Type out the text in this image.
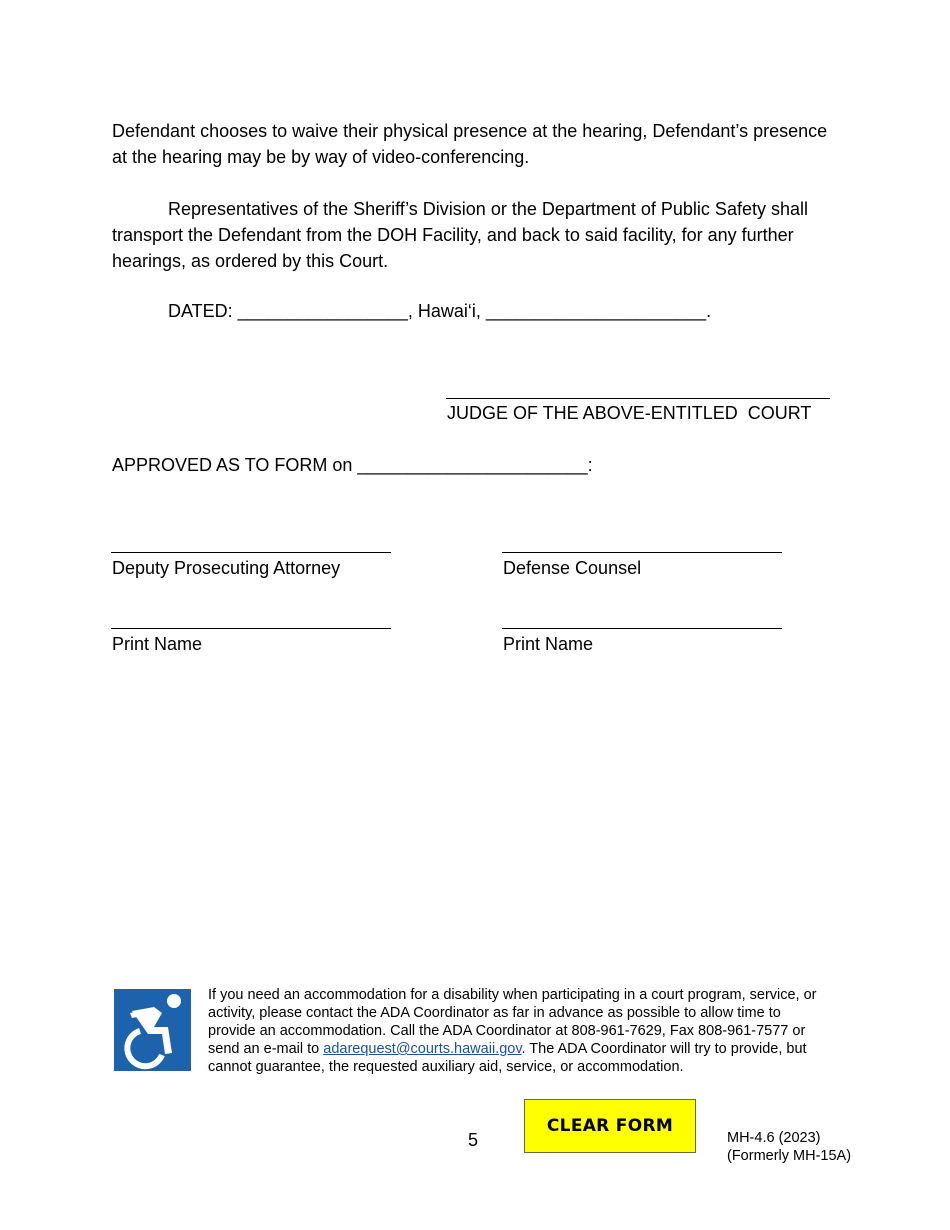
Defendant chooses to waive their physical presence at the hearing, Defendant’s presence at the hearing may be by way of video-conferencing.

Representatives of the Sheriff’s Division or the Department of Public Safety shall transport the Defendant from the DOH Facility, and back to said facility, for any further hearings, as ordered by this Court.

DATED: _________________, Hawai‘i, ______________________.

JUDGE OF THE ABOVE-ENTITLED  COURT

APPROVED AS TO FORM on _______________________:

Deputy Prosecuting Attorney	Defense Counsel

Print Name	Print Name

If you need an accommodation for a disability when participating in a court program, service, or activity, please contact the ADA Coordinator as far in advance as possible to allow time to provide an accommodation. Call the ADA Coordinator at 808-961-7629, Fax 808-961-7577 or send an e-mail to adarequest@courts.hawaii.gov. The ADA Coordinator will try to provide, but cannot guarantee, the requested auxiliary aid, service, or accommodation.

5

CLEAR FORM

MH-4.6 (2023)
(Formerly MH-15A)
